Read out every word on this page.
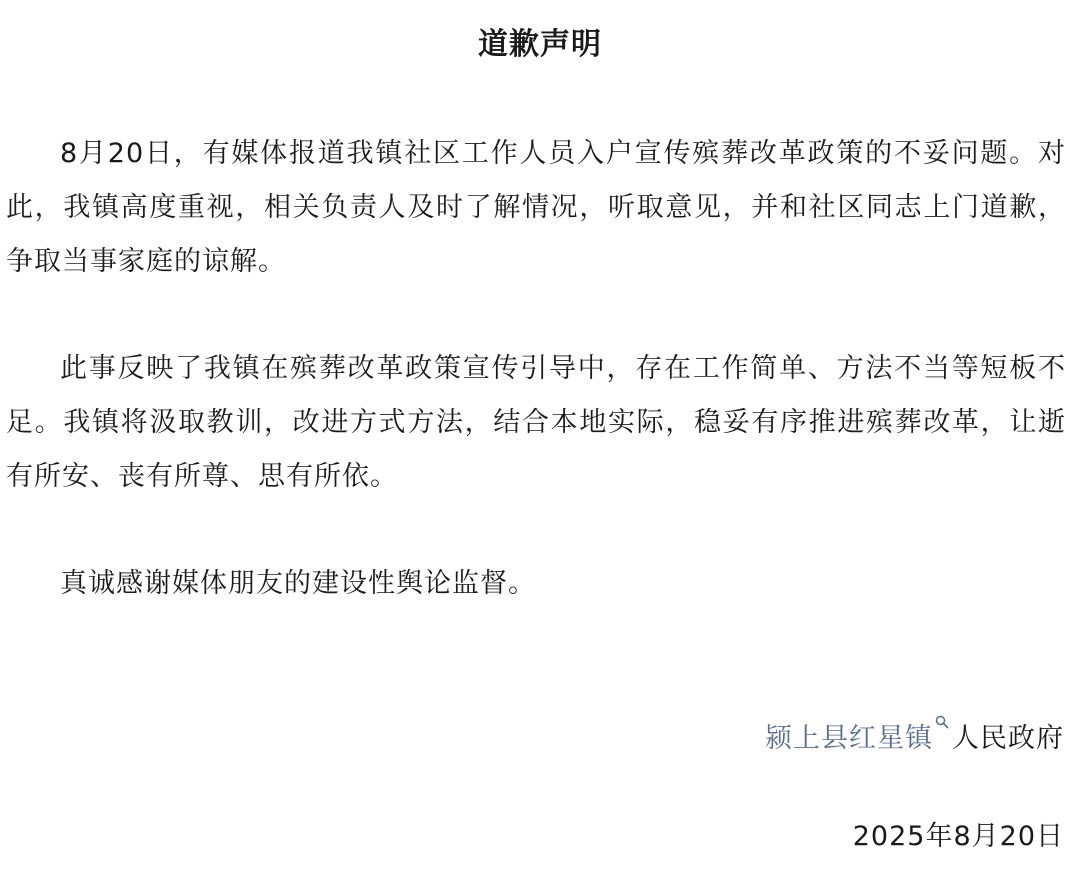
道歉声明

8月20日，有媒体报道我镇社区工作人员入户宣传殡葬改革政策的不妥问题。对此，我镇高度重视，相关负责人及时了解情况，听取意见，并和社区同志上门道歉，争取当事家庭的谅解。

此事反映了我镇在殡葬改革政策宣传引导中，存在工作简单、方法不当等短板不足。我镇将汲取教训，改进方式方法，结合本地实际，稳妥有序推进殡葬改革，让逝有所安、丧有所尊、思有所依。

真诚感谢媒体朋友的建设性舆论监督。

颍上县红星镇 人民政府
2025年8月20日
